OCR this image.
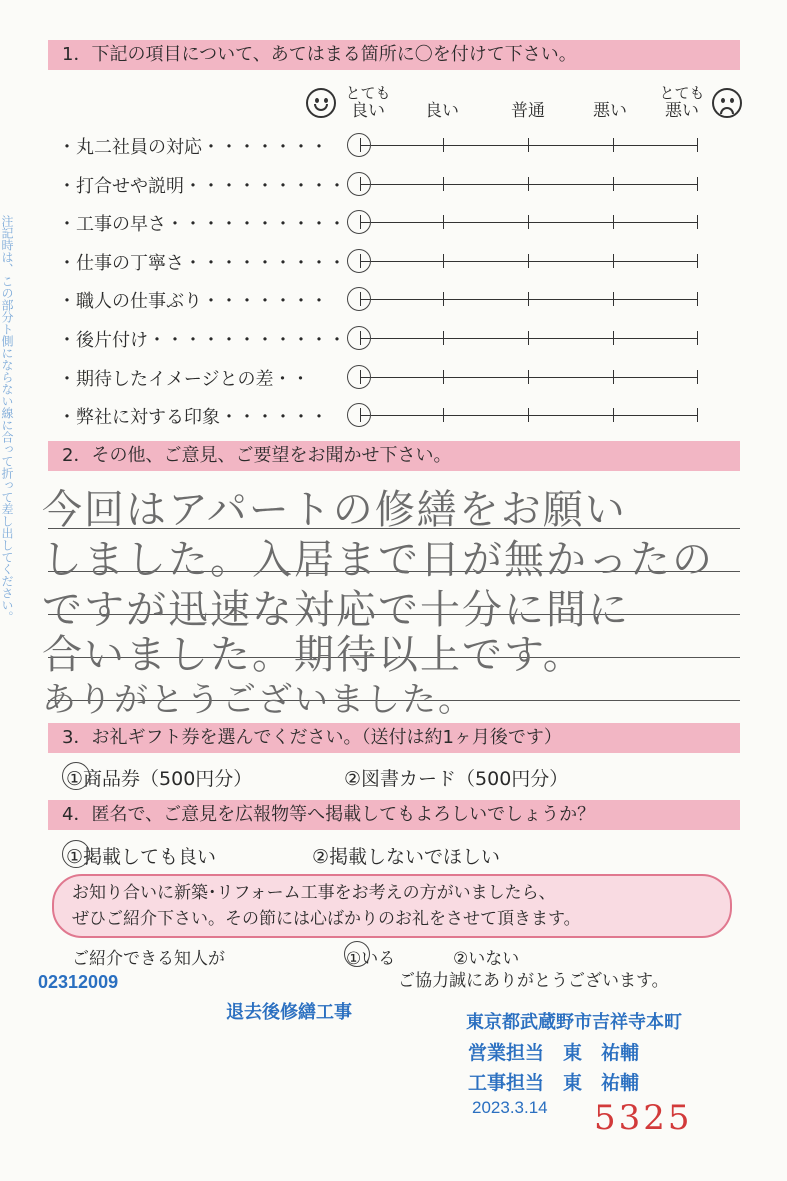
注記時は、この部分ト側にならない線に合って折って差し出してください。
1．下記の項目について、あてはまる箇所に〇を付けて下さい。
とても
良い	良い	普通	悪い
とても
悪い
・丸二社員の対応・・・・・・・
・打合せや説明・・・・・・・・・
・工事の早さ・・・・・・・・・・
・仕事の丁寧さ・・・・・・・・・
・職人の仕事ぶり・・・・・・・
・後片付け・・・・・・・・・・・
・期待したイメージとの差・・
・弊社に対する印象・・・・・・
2．その他、ご意見、ご要望をお聞かせ下さい。
今回はアパートの修繕をお願い
しました。入居まで日が無かったの
ですが迅速な対応で十分に間に
合いました。期待以上です。
ありがとうございました。
3．お礼ギフト券を選んでください。（送付は約1ヶ月後です）
①商品券（500円分）	②図書カード（500円分）
4．匿名で、ご意見を広報物等へ掲載してもよろしいでしょうか？
①掲載しても良い	②掲載しないでほしい
お知り合いに新築･リフォーム工事をお考えの方がいましたら、
ぜひご紹介下さい。その節には心ばかりのお礼をさせて頂きます。
ご紹介できる知人が	①いる	②いない
ご協力誠にありがとうございます。
02312009
退去後修繕工事	東京都武蔵野市吉祥寺本町
営業担当　東　祐輔
工事担当　東　祐輔
2023.3.14 5325
